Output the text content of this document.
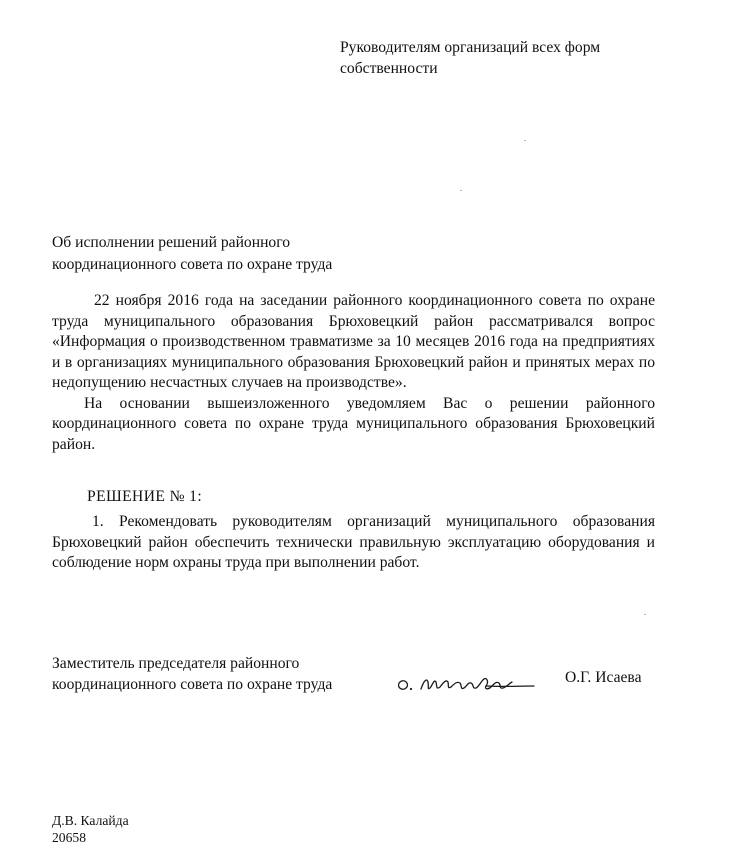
Руководителям организаций всех форм
собственности
Об исполнении решений районного
координационного совета по охране труда

22 ноября 2016 года на заседании районного координационного совета по охране труда муниципального образования Брюховецкий район рассматривался вопрос «Информация о производственном травматизме за 10 месяцев 2016 года на предприятиях и в организациях муниципального образования Брюховецкий район и принятых мерах по недопущению несчастных случаев на производстве».

На основании вышеизложенного уведомляем Вас о решении районного координационного совета по охране труда муниципального образования Брюховецкий район.

РЕШЕНИЕ № 1:
1. Рекомендовать руководителям организаций муниципального образования Брюховецкий район обеспечить технически правильную эксплуатацию оборудования и соблюдение норм охраны труда при выполнении работ.
Заместитель председателя районного
координационного совета по охране труда	О.Г. Исаева
Д.В. Калайда
20658
